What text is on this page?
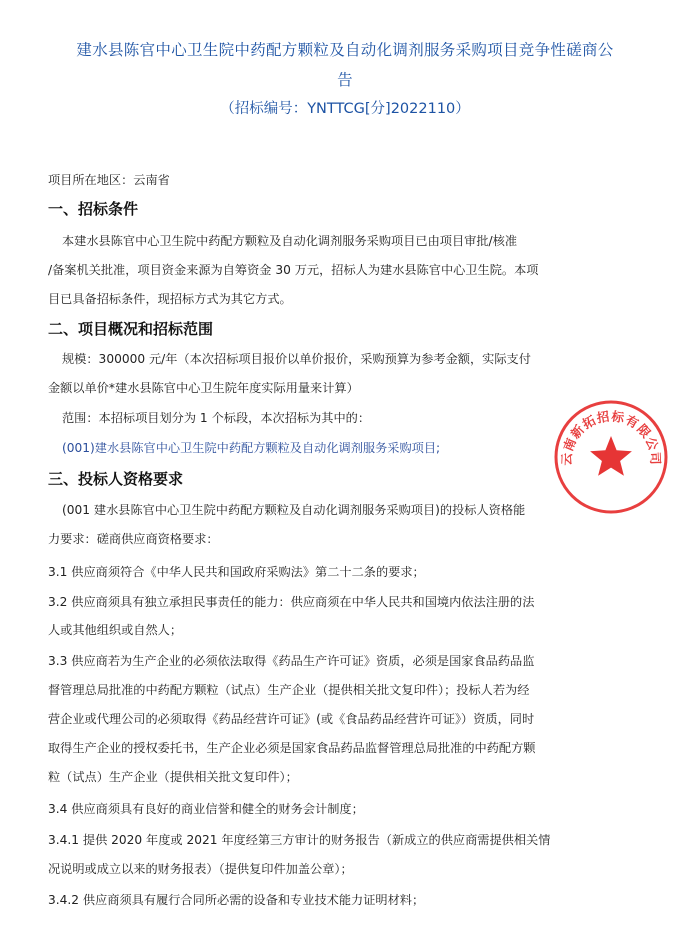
建水县陈官中心卫生院中药配方颗粒及自动化调剂服务采购项目竞争性磋商公
告
（招标编号：YNTTCG[分]2022110）
项目所在地区：云南省
一、招标条件
本建水县陈官中心卫生院中药配方颗粒及自动化调剂服务采购项目已由项目审批/核准
/备案机关批准，项目资金来源为自筹资金 30 万元，招标人为建水县陈官中心卫生院。本项
目已具备招标条件，现招标方式为其它方式。
二、项目概况和招标范围
规模：300000 元/年（本次招标项目报价以单价报价，采购预算为参考金额，实际支付
金额以单价*建水县陈官中心卫生院年度实际用量来计算）
范围：本招标项目划分为 1 个标段，本次招标为其中的：
(001)建水县陈官中心卫生院中药配方颗粒及自动化调剂服务采购项目;
三、投标人资格要求
(001 建水县陈官中心卫生院中药配方颗粒及自动化调剂服务采购项目)的投标人资格能
力要求：磋商供应商资格要求：
3.1 供应商须符合《中华人民共和国政府采购法》第二十二条的要求；
3.2 供应商须具有独立承担民事责任的能力：供应商须在中华人民共和国境内依法注册的法
人或其他组织或自然人；
3.3 供应商若为生产企业的必须依法取得《药品生产许可证》资质，必须是国家食品药品监
督管理总局批准的中药配方颗粒（试点）生产企业（提供相关批文复印件）；投标人若为经
营企业或代理公司的必须取得《药品经营许可证》(或《食品药品经营许可证》）资质，同时
取得生产企业的授权委托书，生产企业必须是国家食品药品监督管理总局批准的中药配方颗
粒（试点）生产企业（提供相关批文复印件）；
3.4 供应商须具有良好的商业信誉和健全的财务会计制度；
3.4.1 提供 2020 年度或 2021 年度经第三方审计的财务报告（新成立的供应商需提供相关情
况说明或成立以来的财务报表）（提供复印件加盖公章）；
3.4.2 供应商须具有履行合同所必需的设备和专业技术能力证明材料；
云南新拓招标有限公司
